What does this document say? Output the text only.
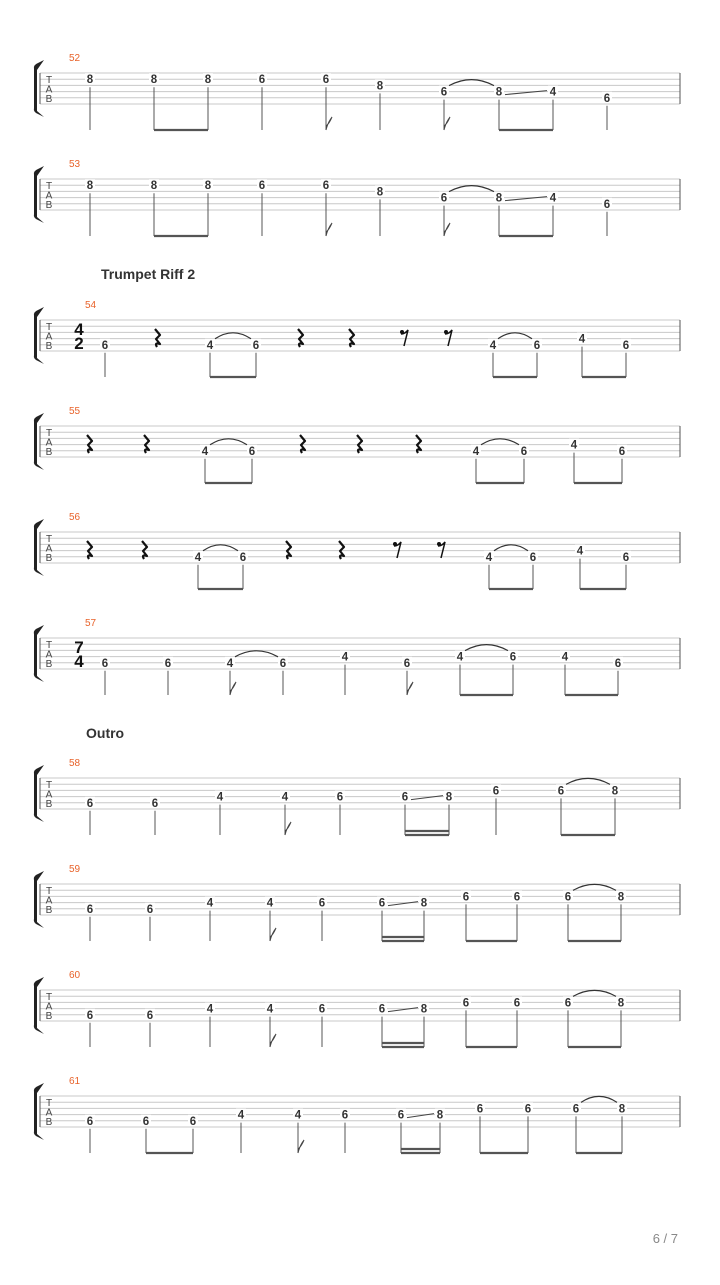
T
A
B
52
8	8	8	6	6
8
6	8	4
6
T
A
B
53
8	8	8	6	6
8
6	8	4
6
T
A
B
54
4
2 6	4	6	4	6
4
6
T
A
B
55
4	6	4	6
4
6
T
A
B
56
4	6	4	6
4
6
T
A
B
57
7
4 6	6	4	6
4
6
4	6	4
6
T
A
B
58
6	6
4	4	6	6	8
6	6	8
T
A
B
59
6	6
4	4	6	6	8
6	6	6	8
T
A
B
60
6	6
4	4	6	6	8
6	6	6	8
T
A
B
61
6	6	6
4	4	6	6	8
6	6	6	8
Trumpet Riff 2
Outro
6 / 7
